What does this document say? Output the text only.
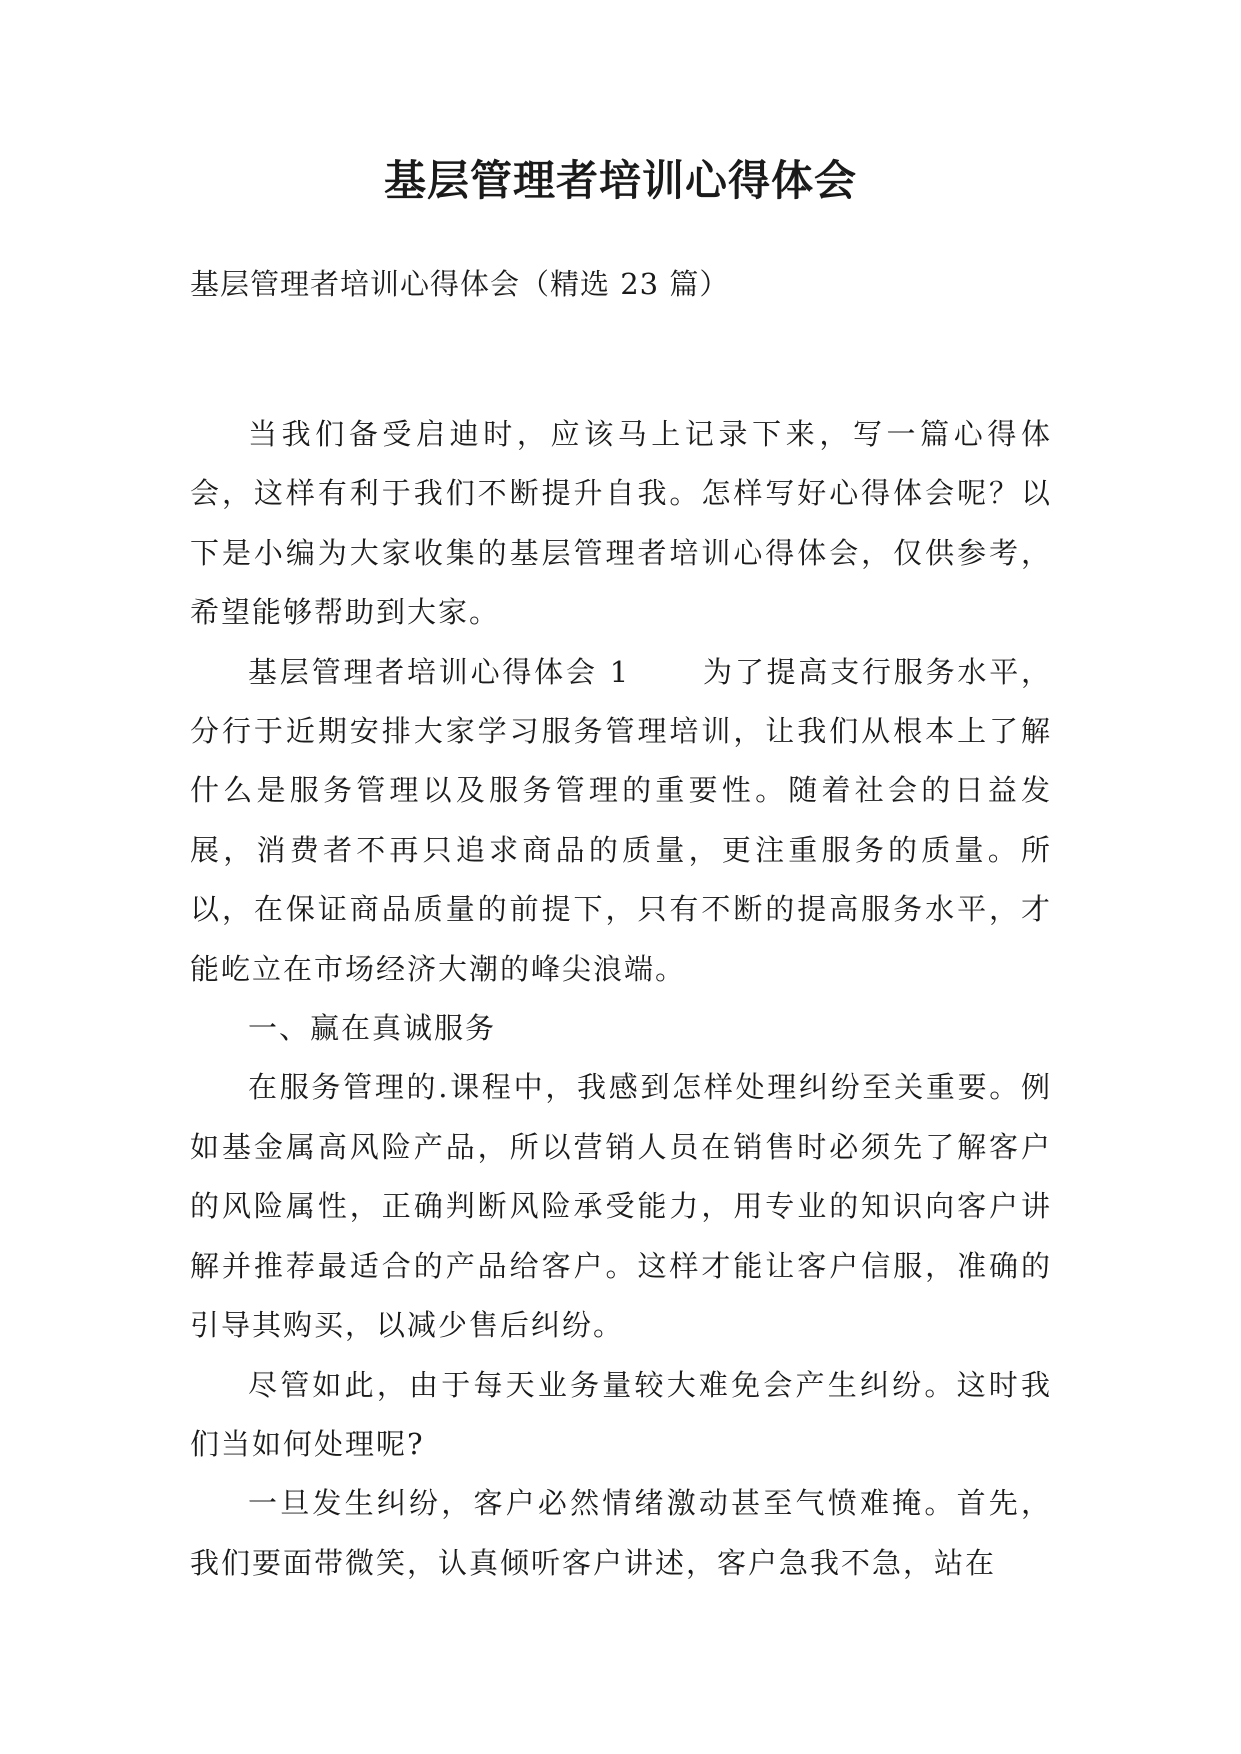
基层管理者培训心得体会

基层管理者培训心得体会（精选 23 篇）

当我们备受启迪时，应该马上记录下来，写一篇心得体会，这样有利于我们不断提升自我。怎样写好心得体会呢？以下是小编为大家收集的基层管理者培训心得体会，仅供参考，希望能够帮助到大家。

基层管理者培训心得体会 1 为了提高支行服务水平，分行于近期安排大家学习服务管理培训，让我们从根本上了解什么是服务管理以及服务管理的重要性。随着社会的日益发展，消费者不再只追求商品的质量，更注重服务的质量。所以，在保证商品质量的前提下，只有不断的提高服务水平，才能屹立在市场经济大潮的峰尖浪端。

一、赢在真诚服务

在服务管理的.课程中，我感到怎样处理纠纷至关重要。例如基金属高风险产品，所以营销人员在销售时必须先了解客户的风险属性，正确判断风险承受能力，用专业的知识向客户讲解并推荐最适合的产品给客户。这样才能让客户信服，准确的引导其购买，以减少售后纠纷。

尽管如此，由于每天业务量较大难免会产生纠纷。这时我们当如何处理呢?

一旦发生纠纷，客户必然情绪激动甚至气愤难掩。首先，我们要面带微笑，认真倾听客户讲述，客户急我不急，站在
